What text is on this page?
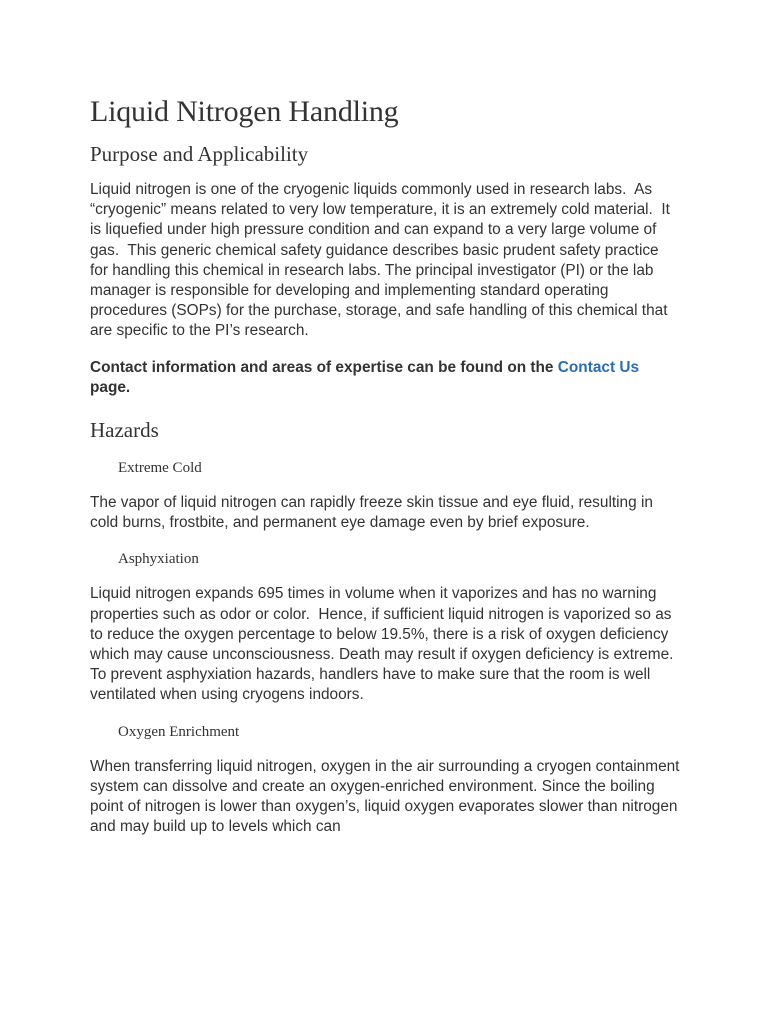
Liquid Nitrogen Handling
Purpose and Applicability

Liquid nitrogen is one of the cryogenic liquids commonly used in research labs.  As “cryogenic” means related to very low temperature, it is an extremely cold material.  It is liquefied under high pressure condition and can expand to a very large volume of gas.  This generic chemical safety guidance describes basic prudent safety practice for handling this chemical in research labs. The principal investigator (PI) or the lab manager is responsible for developing and implementing standard operating procedures (SOPs) for the purchase, storage, and safe handling of this chemical that are specific to the PI’s research.

Contact information and areas of expertise can be found on the Contact Us page.

Hazards
Extreme Cold

The vapor of liquid nitrogen can rapidly freeze skin tissue and eye fluid, resulting in cold burns, frostbite, and permanent eye damage even by brief exposure.

Asphyxiation

Liquid nitrogen expands 695 times in volume when it vaporizes and has no warning properties such as odor or color.  Hence, if sufficient liquid nitrogen is vaporized so as to reduce the oxygen percentage to below 19.5%, there is a risk of oxygen deficiency which may cause unconsciousness. Death may result if oxygen deficiency is extreme.  To prevent asphyxiation hazards, handlers have to make sure that the room is well ventilated when using cryogens indoors.

Oxygen Enrichment

When transferring liquid nitrogen, oxygen in the air surrounding a cryogen containment system can dissolve and create an oxygen-enriched environment. Since the boiling point of nitrogen is lower than oxygen’s, liquid oxygen evaporates slower than nitrogen and may build up to levels which can
